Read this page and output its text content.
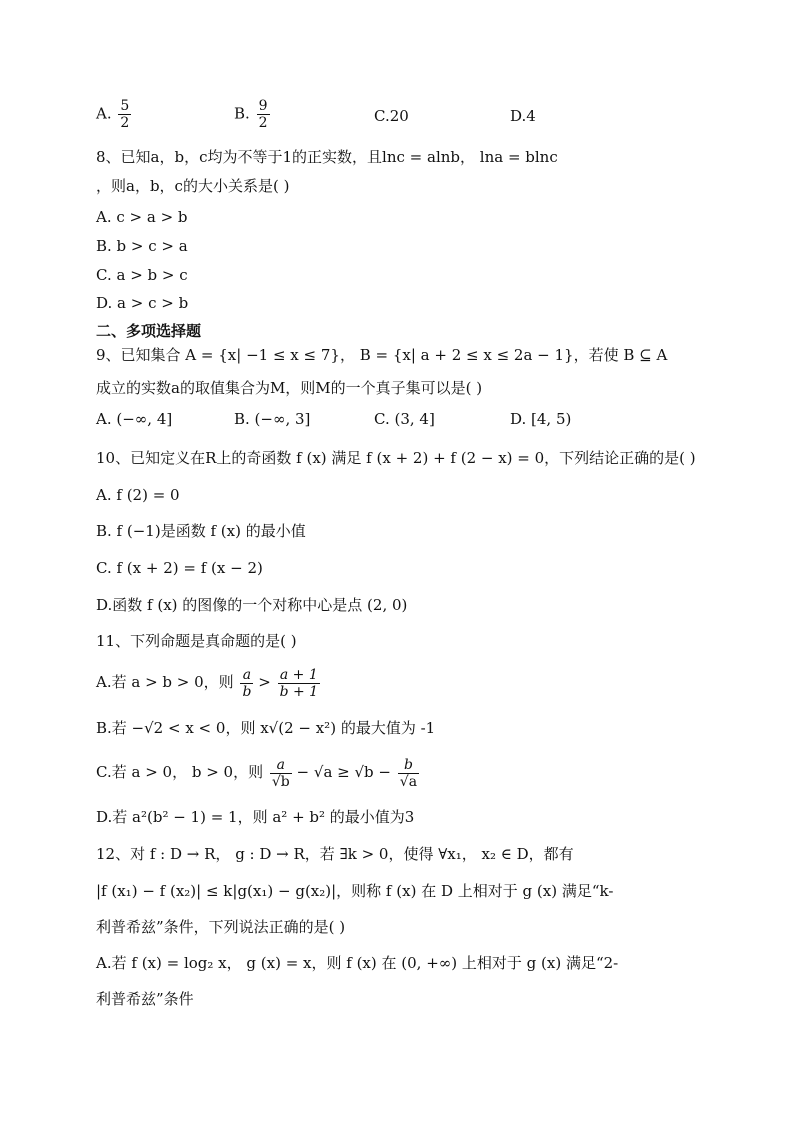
A. $\frac{5}{2}$	B. $\frac{9}{2}$	C.20	D.4
8、已知a，b，c均为不等于1的正实数，且lnc = alnb， lna = blnc
，则a，b，c的大小关系是( )
A. c > a > b
B. b > c > a
C. a > b > c
D. a > c > b
二、多项选择题
9、已知集合 A = {x| −1 ≤ x ≤ 7}， B = {x| a + 2 ≤ x ≤ 2a − 1}，若使 B ⊆ A
成立的实数a的取值集合为M，则M的一个真子集可以是( )
A. (−∞, 4]	B. (−∞, 3]	C. (3, 4]	D. [4, 5)
10、已知定义在R上的奇函数 f (x) 满足 f (x + 2) + f (2 − x) = 0，下列结论正确的是( )
A. f (2) = 0
B. f (−1)是函数 f (x) 的最小值
C. f (x + 2) = f (x − 2)
D.函数 f (x) 的图像的一个对称中心是点 (2, 0)
11、下列命题是真命题的是( )
A.若 a > b > 0，则 $\frac{a}{b} > \frac{a + 1}{b + 1}$
B.若 −√2 < x < 0，则 x√(2 − x²) 的最大值为 -1
C.若 a > 0， b > 0，则 $\frac{a}{√b} - √a \ge √b - \frac{b}{√a}$
D.若 a²(b² − 1) = 1，则 a² + b² 的最小值为3
12、对 f : D → R， g : D → R，若 ∃k > 0，使得 ∀x₁， x₂ ∈ D，都有
|f (x₁) − f (x₂)| ≤ k|g(x₁) − g(x₂)|，则称 f (x) 在 D 上相对于 g (x) 满足“k-
利普希兹”条件，下列说法正确的是( )
A.若 f (x) = log₂ x， g (x) = x，则 f (x) 在 (0, +∞) 上相对于 g (x) 满足“2-
利普希兹”条件
